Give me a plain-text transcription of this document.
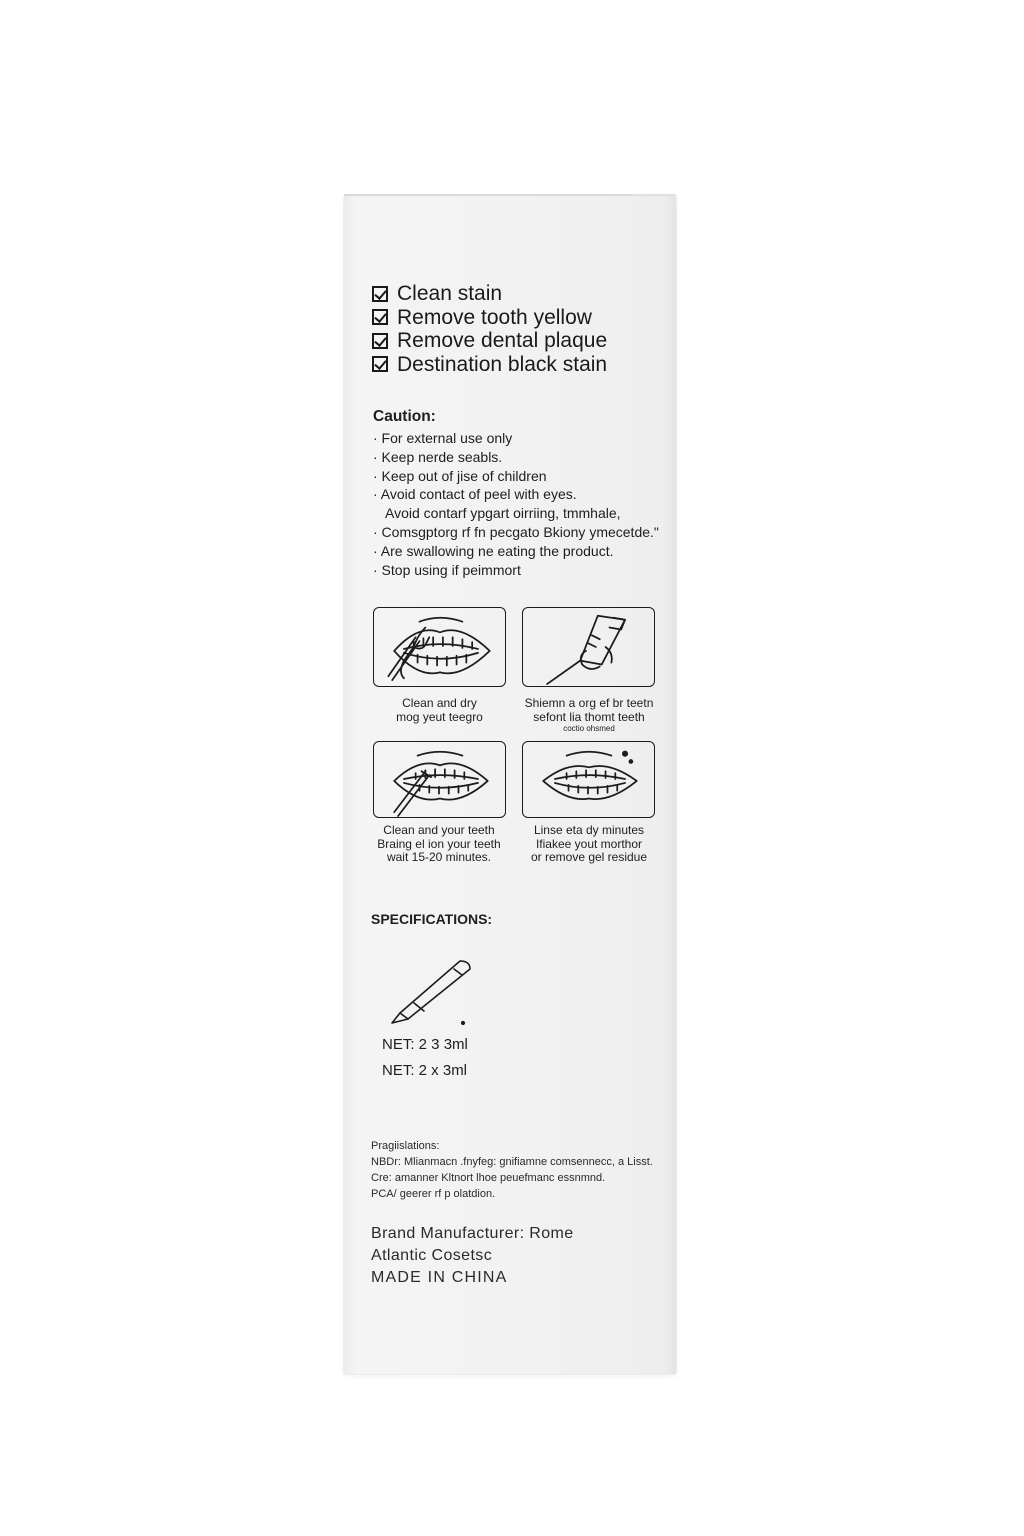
Clean stain
Remove tooth yellow
Remove dental plaque
Destination black stain
Caution:
· For external use only
· Keep nerde seabls.
· Keep out of jise of children
· Avoid contact of peel with eyes.
Avoid contarf ypgart oirriing, tmmhale,
· Comsgptorg rf fn pecgato Bkiony ymecetde."
· Are swallowing ne eating the product.
· Stop using if peimmort
Clean and dry
mog yeut teegro
Shiemn a org ef br teetn
sefont lia thomt teeth
coctio ohsmed
Clean and your teeth
Braing el ion your teeth
wait 15-20 minutes.
Linse eta dy minutes
Ifiakee yout morthor
or remove gel residue
SPECIFICATIONS:
NET: 2 3 3ml
NET: 2 x 3ml
Pragiislations:
NBDr: Mlianmacn .fnyfeg: gnifiamne comsennecc, a Lisst.
Cre: amanner Kltnort lhoe peuefmanc essnmnd.
PCA/ geerer rf p olatdion.
Brand Manufacturer: Rome
Atlantic Cosetsc
MADE IN CHINA
